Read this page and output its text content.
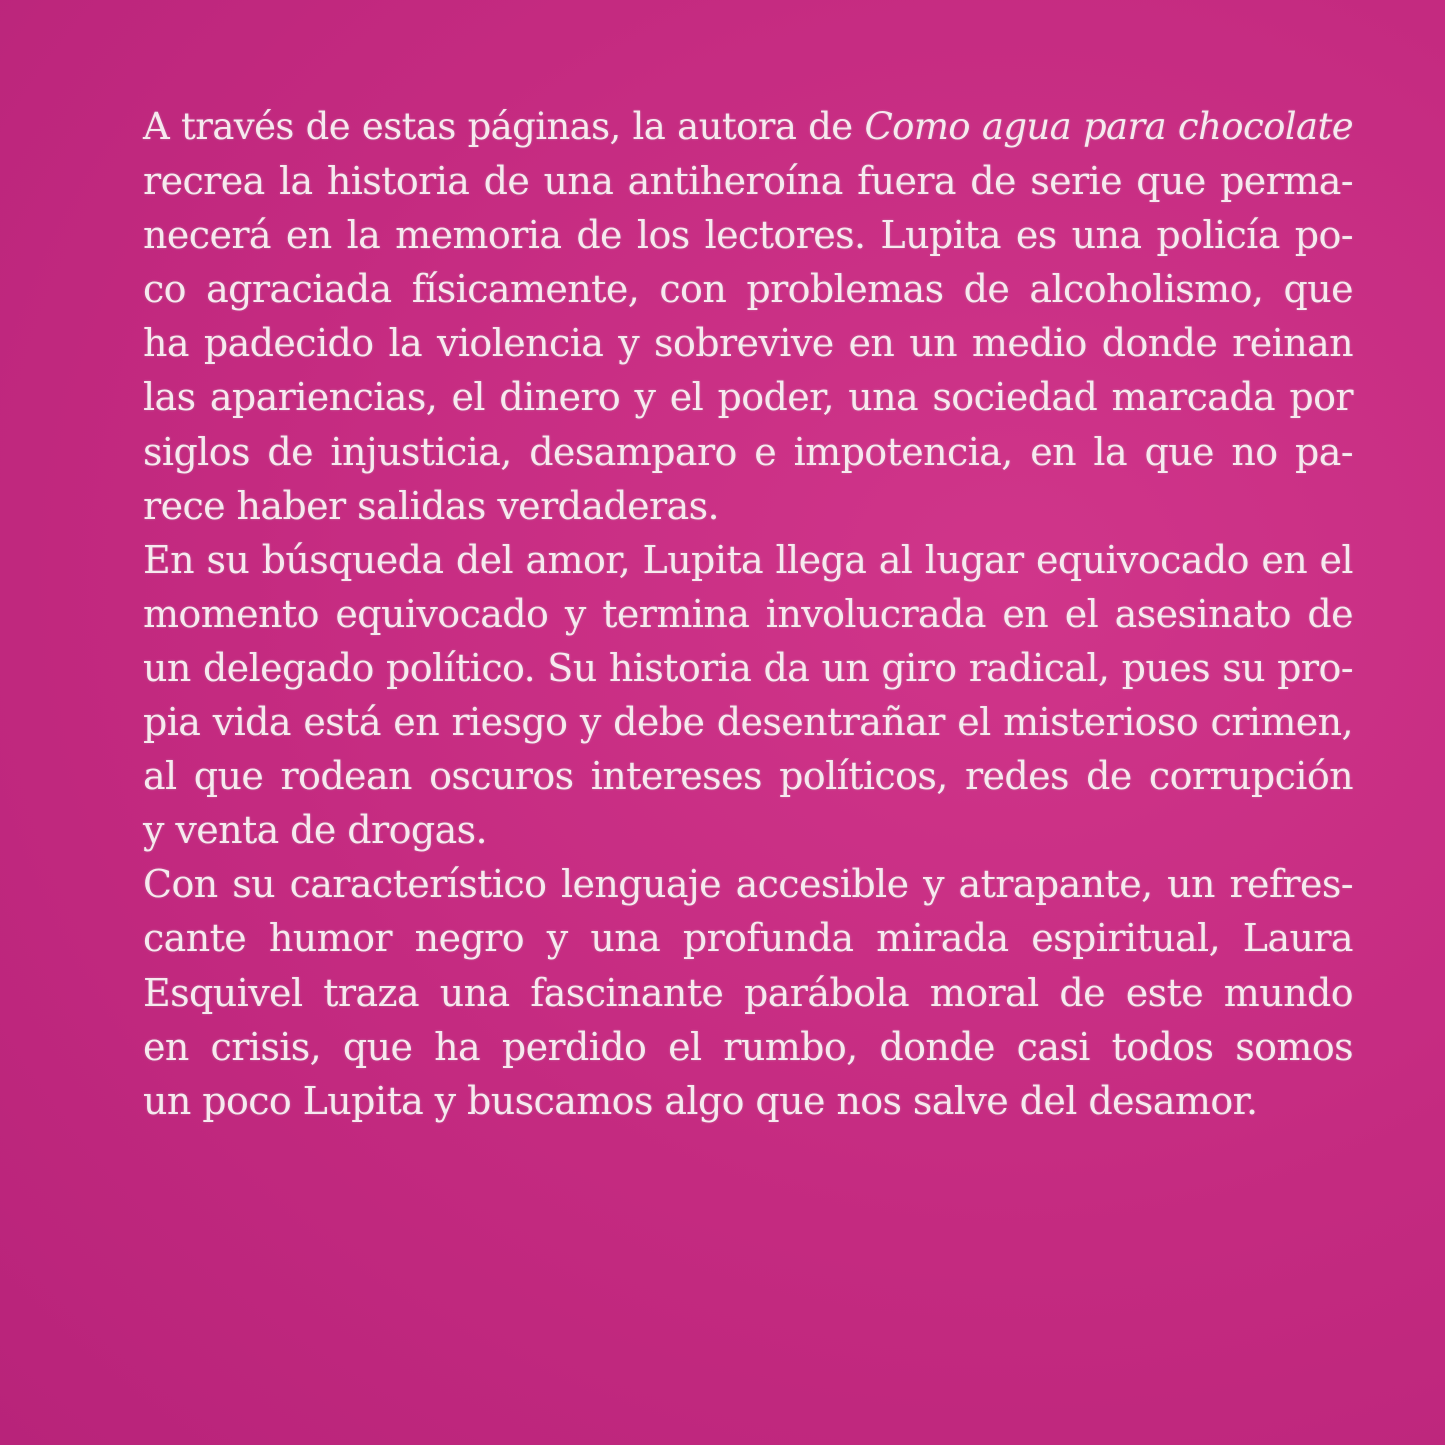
A través de estas páginas, la autora de Como agua para chocolate
recrea la historia de una antiheroína fuera de serie que perma-
necerá en la memoria de los lectores. Lupita es una policía po-
co agraciada físicamente, con problemas de alcoholismo, que
ha padecido la violencia y sobrevive en un medio donde reinan
las apariencias, el dinero y el poder, una sociedad marcada por
siglos de injusticia, desamparo e impotencia, en la que no pa-
rece haber salidas verdaderas.
En su búsqueda del amor, Lupita llega al lugar equivocado en el
momento equivocado y termina involucrada en el asesinato de
un delegado político. Su historia da un giro radical, pues su pro-
pia vida está en riesgo y debe desentrañar el misterioso crimen,
al que rodean oscuros intereses políticos, redes de corrupción
y venta de drogas.
Con su característico lenguaje accesible y atrapante, un refres-
cante humor negro y una profunda mirada espiritual, Laura
Esquivel traza una fascinante parábola moral de este mundo
en crisis, que ha perdido el rumbo, donde casi todos somos
un poco Lupita y buscamos algo que nos salve del desamor.
